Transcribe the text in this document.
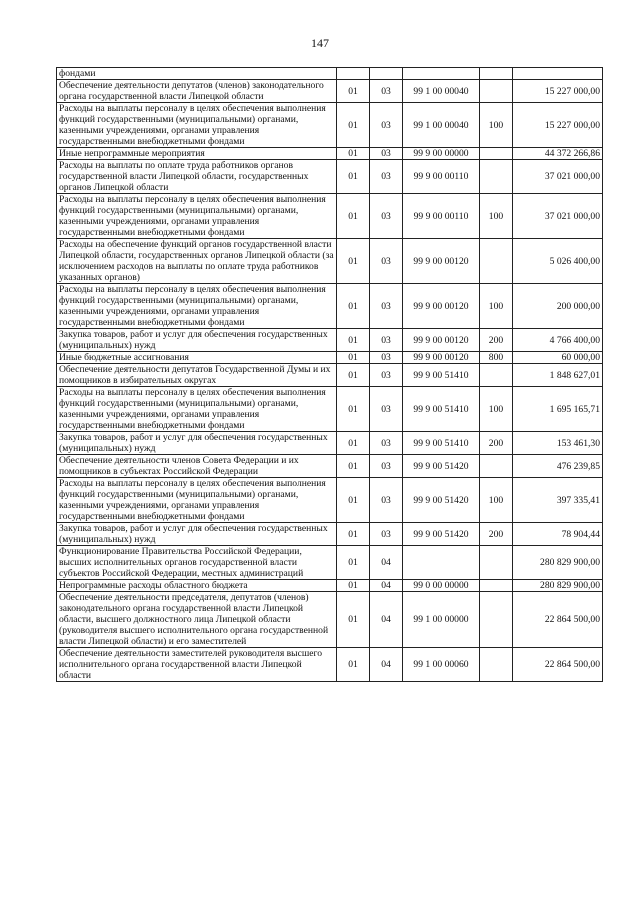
147
фондами					
Обеспечение деятельности депутатов (членов) законодательного органа государственной власти Липецкой области	01	03	99 1 00 00040		15 227 000,00
Расходы на выплаты персоналу в целях обеспечения выполнения функций государственными (муниципальными) органами, казенными учреждениями, органами управления государственными внебюджетными фондами	01	03	99 1 00 00040	100	15 227 000,00
Иные непрограммные мероприятия	01	03	99 9 00 00000		44 372 266,86
Расходы на выплаты по оплате труда работников органов государственной власти Липецкой области, государственных органов Липецкой области	01	03	99 9 00 00110		37 021 000,00
Расходы на выплаты персоналу в целях обеспечения выполнения функций государственными (муниципальными) органами, казенными учреждениями, органами управления государственными внебюджетными фондами	01	03	99 9 00 00110	100	37 021 000,00
Расходы на обеспечение функций органов государственной власти Липецкой области, государственных органов Липецкой области (за исключением расходов на выплаты по оплате труда работников указанных органов)	01	03	99 9 00 00120		5 026 400,00
Расходы на выплаты персоналу в целях обеспечения выполнения функций государственными (муниципальными) органами, казенными учреждениями, органами управления государственными внебюджетными фондами	01	03	99 9 00 00120	100	200 000,00
Закупка товаров, работ и услуг для обеспечения государственных (муниципальных) нужд	01	03	99 9 00 00120	200	4 766 400,00
Иные бюджетные ассигнования	01	03	99 9 00 00120	800	60 000,00
Обеспечение деятельности депутатов Государственной Думы и их помощников в избирательных округах	01	03	99 9 00 51410		1 848 627,01
Расходы на выплаты персоналу в целях обеспечения выполнения функций государственными (муниципальными) органами, казенными учреждениями, органами управления государственными внебюджетными фондами	01	03	99 9 00 51410	100	1 695 165,71
Закупка товаров, работ и услуг для обеспечения государственных (муниципальных) нужд	01	03	99 9 00 51410	200	153 461,30
Обеспечение деятельности членов Совета Федерации и их помощников в субъектах Российской Федерации	01	03	99 9 00 51420		476 239,85
Расходы на выплаты персоналу в целях обеспечения выполнения функций государственными (муниципальными) органами, казенными учреждениями, органами управления государственными внебюджетными фондами	01	03	99 9 00 51420	100	397 335,41
Закупка товаров, работ и услуг для обеспечения государственных (муниципальных) нужд	01	03	99 9 00 51420	200	78 904,44
Функционирование Правительства Российской Федерации, высших исполнительных органов государственной власти субъектов Российской Федерации, местных администраций	01	04			280 829 900,00
Непрограммные расходы областного бюджета	01	04	99 0 00 00000		280 829 900,00
Обеспечение деятельности председателя, депутатов (членов) законодательного органа государственной власти Липецкой области, высшего должностного лица Липецкой области (руководителя высшего исполнительного органа государственной власти Липецкой области) и его заместителей	01	04	99 1 00 00000		22 864 500,00
Обеспечение деятельности заместителей руководителя высшего исполнительного органа государственной власти Липецкой области	01	04	99 1 00 00060		22 864 500,00
